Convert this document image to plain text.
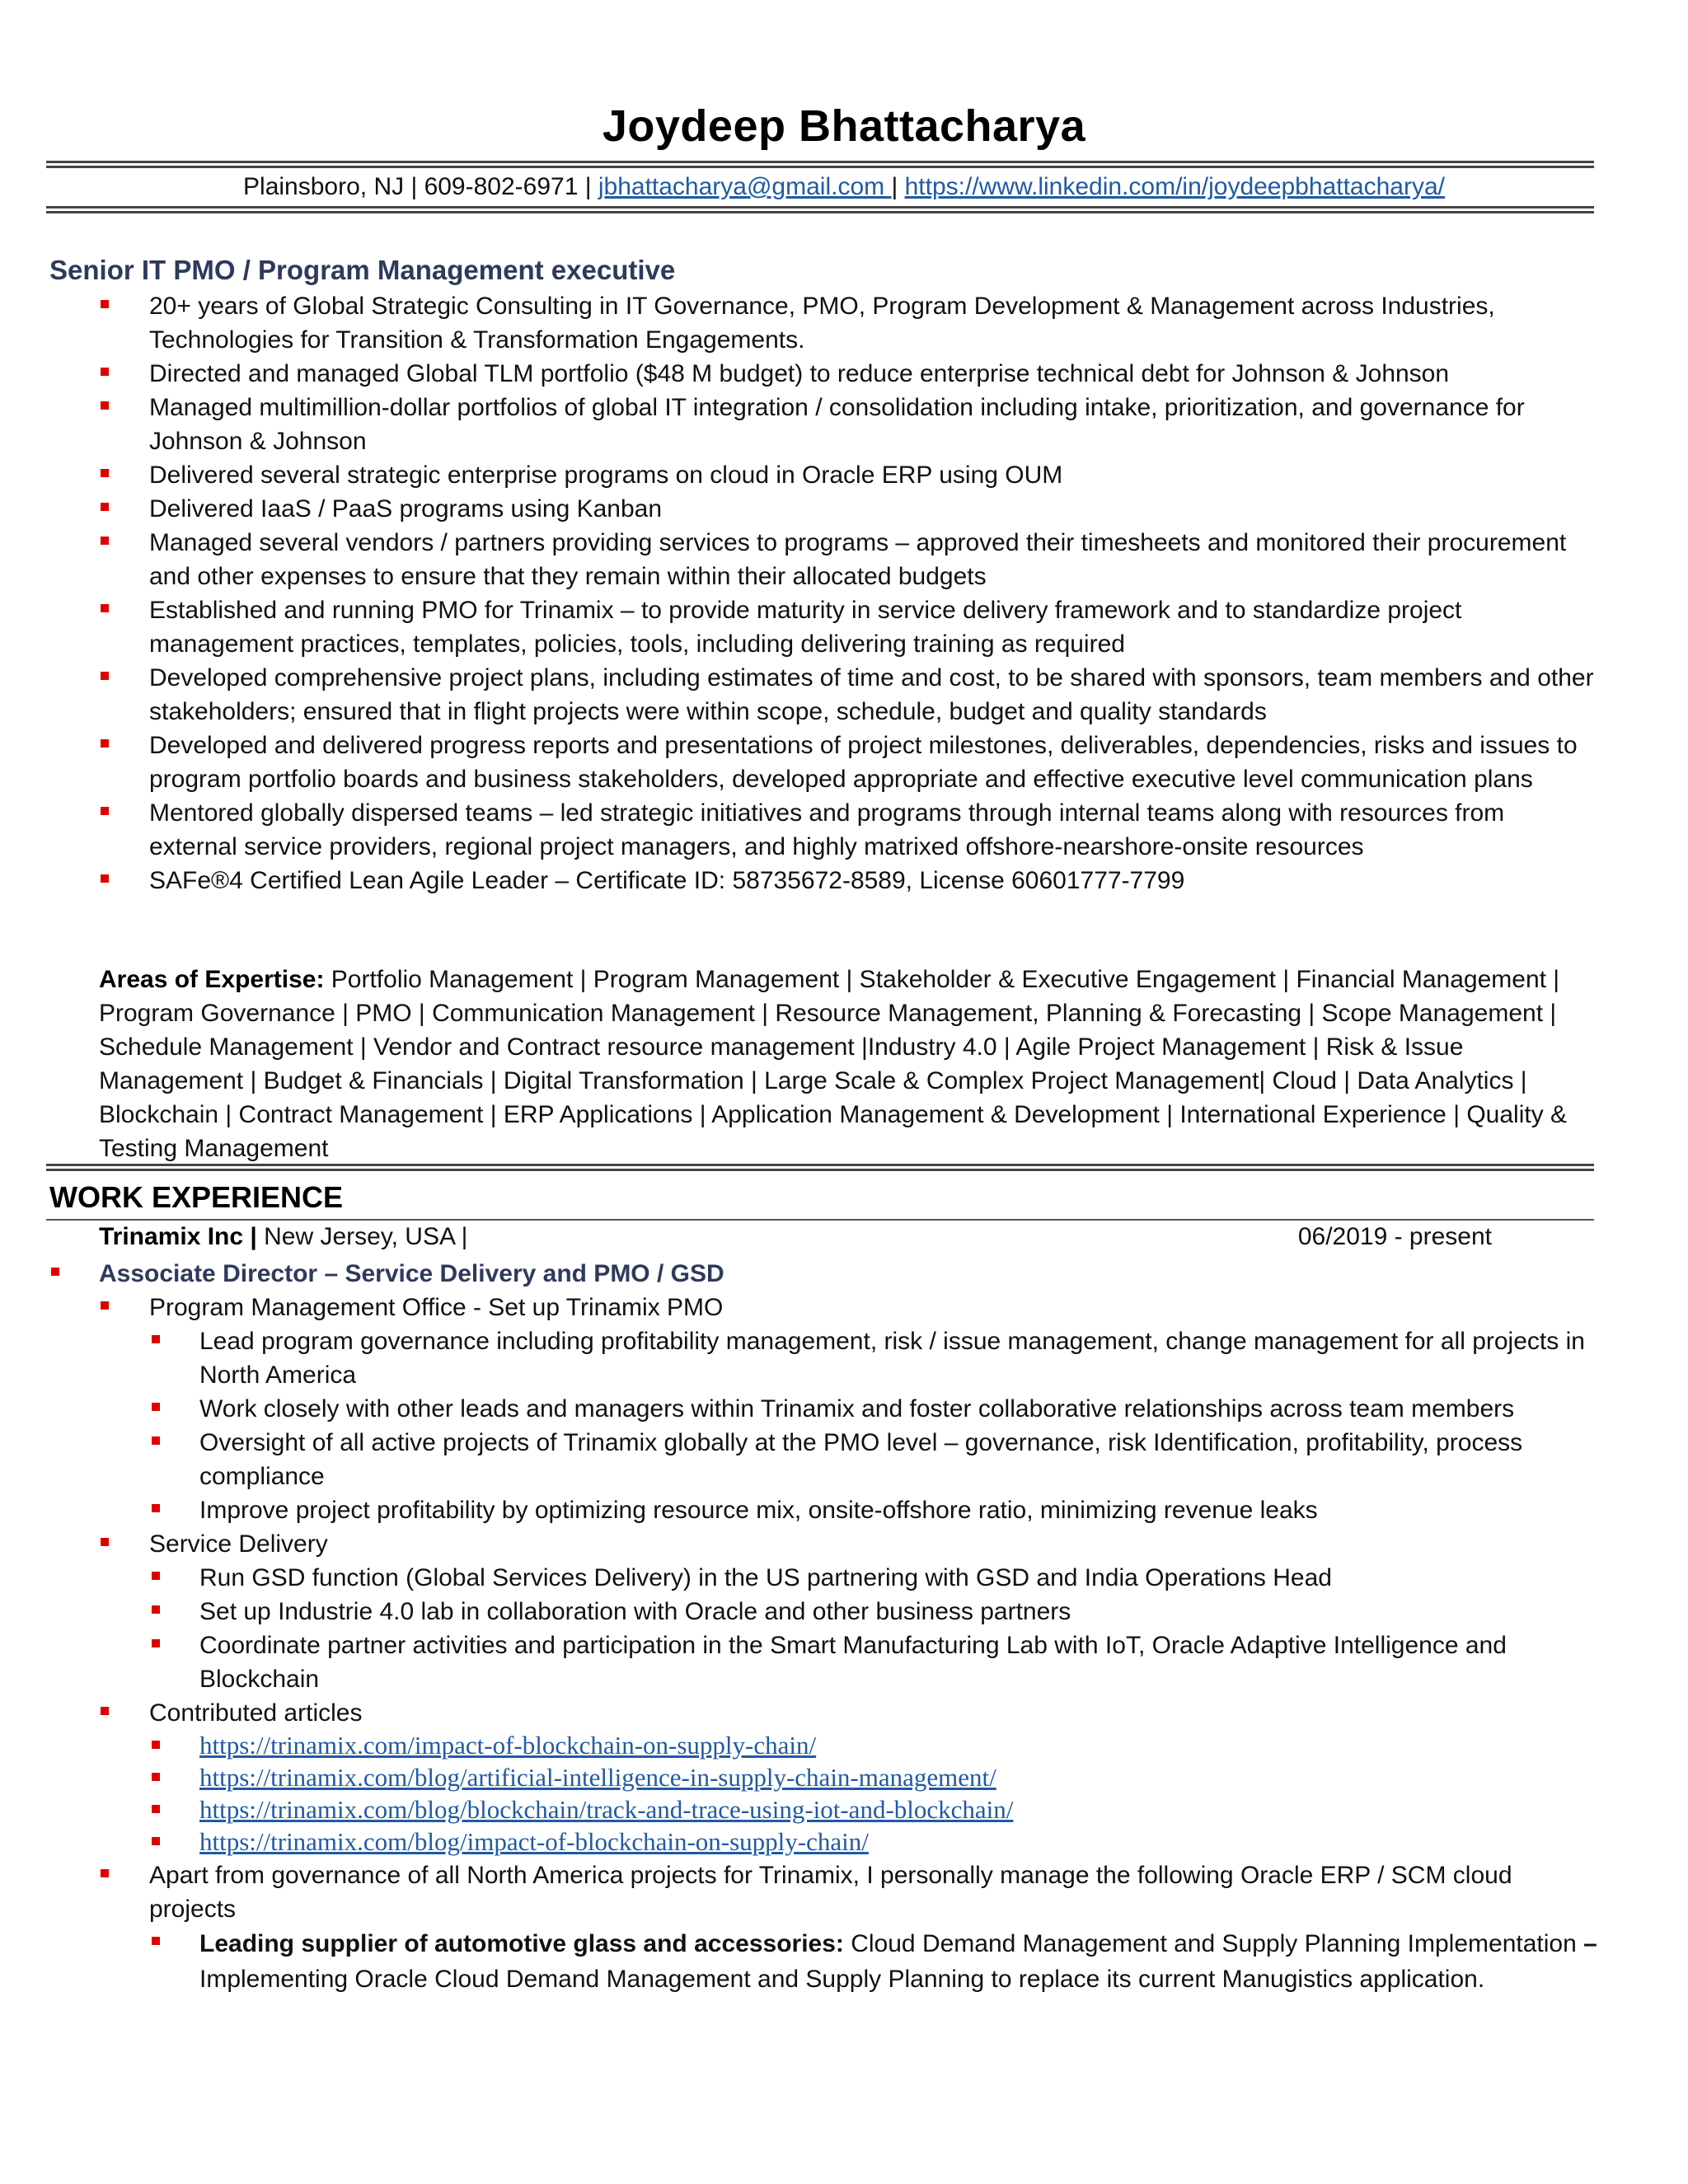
Joydeep Bhattacharya
Plainsboro, NJ | 609-802-6971 | jbhattacharya@gmail.com | https://www.linkedin.com/in/joydeepbhattacharya/
Senior IT PMO / Program Management executive
20+ years of Global Strategic Consulting in IT Governance, PMO, Program Development & Management across Industries, Technologies for Transition & Transformation Engagements.
Directed and managed Global TLM portfolio ($48 M budget) to reduce enterprise technical debt for Johnson & Johnson
Managed multimillion-dollar portfolios of global IT integration / consolidation including intake, prioritization, and governance for Johnson & Johnson
Delivered several strategic enterprise programs on cloud in Oracle ERP using OUM
Delivered IaaS / PaaS programs using Kanban
Managed several vendors / partners providing services to programs – approved their timesheets and monitored their procurement and other expenses to ensure that they remain within their allocated budgets
Established and running PMO for Trinamix – to provide maturity in service delivery framework and to standardize project management practices, templates, policies, tools, including delivering training as required
Developed comprehensive project plans, including estimates of time and cost, to be shared with sponsors, team members and other stakeholders; ensured that in flight projects were within scope, schedule, budget and quality standards
Developed and delivered progress reports and presentations of project milestones, deliverables, dependencies, risks and issues to program portfolio boards and business stakeholders, developed appropriate and effective executive level communication plans
Mentored globally dispersed teams – led strategic initiatives and programs through internal teams along with resources from external service providers, regional project managers, and highly matrixed offshore-nearshore-onsite resources
SAFe®4 Certified Lean Agile Leader – Certificate ID: 58735672-8589, License 60601777-7799
Areas of Expertise: Portfolio Management | Program Management | Stakeholder & Executive Engagement | Financial Management | Program Governance | PMO | Communication Management | Resource Management, Planning & Forecasting | Scope Management | Schedule Management | Vendor and Contract resource management |Industry 4.0 | Agile Project Management | Risk & Issue Management | Budget & Financials | Digital Transformation | Large Scale & Complex Project Management| Cloud | Data Analytics | Blockchain | Contract Management | ERP Applications | Application Management & Development | International Experience | Quality & Testing Management
WORK EXPERIENCE
Trinamix Inc | New Jersey, USA |	06/2019 - present
Associate Director – Service Delivery and PMO / GSD
Program Management Office - Set up Trinamix PMO
Lead program governance including profitability management, risk / issue management, change management for all projects in North America
Work closely with other leads and managers within Trinamix and foster collaborative relationships across team members
Oversight of all active projects of Trinamix globally at the PMO level – governance, risk Identification, profitability, process compliance
Improve project profitability by optimizing resource mix, onsite-offshore ratio, minimizing revenue leaks
Service Delivery
Run GSD function (Global Services Delivery) in the US partnering with GSD and India Operations Head
Set up Industrie 4.0 lab in collaboration with Oracle and other business partners
Coordinate partner activities and participation in the Smart Manufacturing Lab with IoT, Oracle Adaptive Intelligence and Blockchain
Contributed articles
https://trinamix.com/impact-of-blockchain-on-supply-chain/
https://trinamix.com/blog/artificial-intelligence-in-supply-chain-management/
https://trinamix.com/blog/blockchain/track-and-trace-using-iot-and-blockchain/
https://trinamix.com/blog/impact-of-blockchain-on-supply-chain/
Apart from governance of all North America projects for Trinamix, I personally manage the following Oracle ERP / SCM cloud projects
Leading supplier of automotive glass and accessories: Cloud Demand Management and Supply Planning Implementation – Implementing Oracle Cloud Demand Management and Supply Planning to replace its current Manugistics application.
